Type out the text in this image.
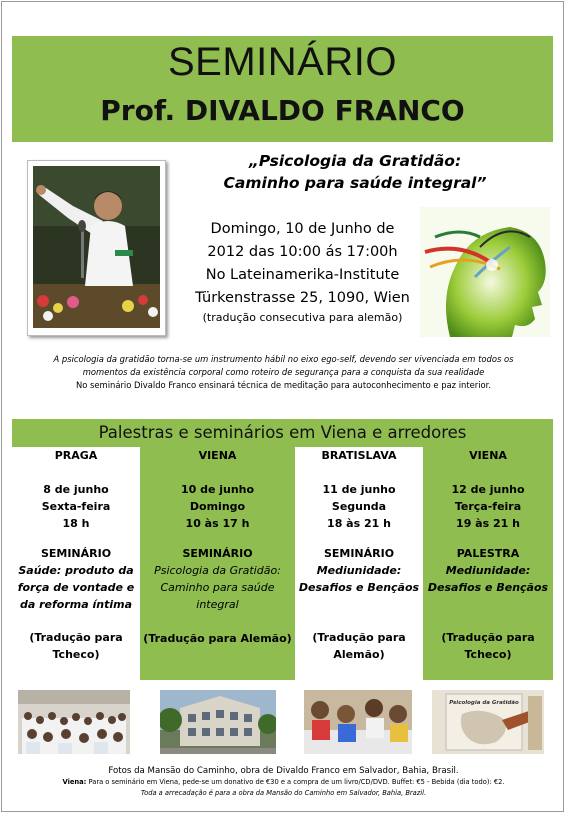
SEMINÁRIO
Prof. DIVALDO FRANCO
„Psicologia da Gratidão:
Caminho para saúde integral”
Domingo, 10 de Junho de
2012 das 10:00 ás 17:00h
No Lateinamerika-Institute
Türkenstrasse 25, 1090, Wien
(tradução consecutiva para alemão)
A psicologia da gratidão torna-se um instrumento hábil no eixo ego-self, devendo ser vivenciada em todos os
momentos da existência corporal como roteiro de segurança para a conquista da sua realidade
No seminário Divaldo Franco ensinará técnica de meditação para autoconhecimento e paz interior.
Palestras e seminários em Viena e arredores
PRAGA
8 de junho
Sexta-feira
18 h
SEMINÁRIO
Saúde: produto da
força de vontade e
da reforma íntima
(Tradução para
Tcheco)
VIENA
10 de junho
Domingo
10 às 17 h
SEMINÁRIO
Psicologia da Gratidão:
Caminho para saúde
integral
(Tradução para Alemão)
BRATISLAVA
11 de junho
Segunda
18 às 21 h
SEMINÁRIO
Mediunidade:
Desafios e Bençãos
(Tradução para
Alemão)
VIENA
12 de junho
Terça-feira
19 às 21 h
PALESTRA
Mediunidade:
Desafios e Bençãos
(Tradução para
Tcheco)
Psicologia da Gratidão
Fotos da Mansão do Caminho, obra de Divaldo Franco em Salvador, Bahia, Brasil.
Viena: Para o seminário em Viena, pede-se um donativo de €30 e a compra de um livro/CD/DVD. Buffet: €5 - Bebida (dia todo): €2.
Toda a arrecadação é para a obra da Mansão do Caminho em Salvador, Bahia, Brazil.
